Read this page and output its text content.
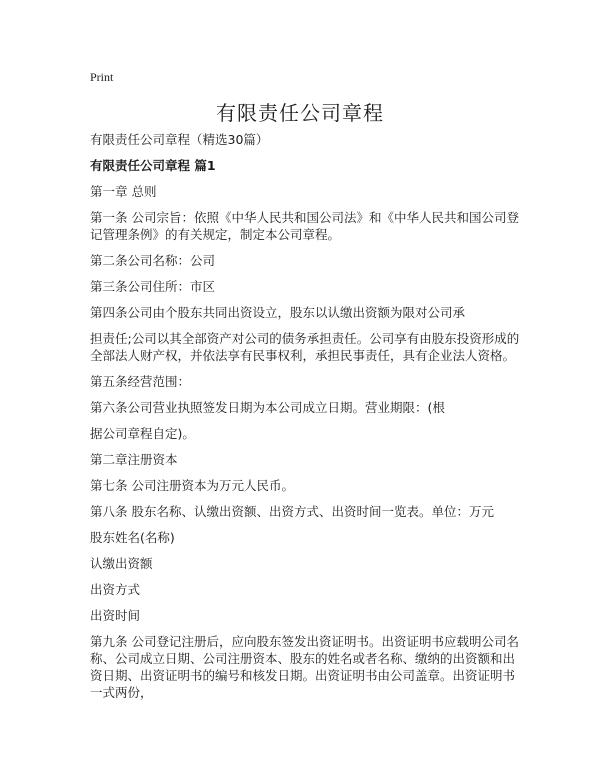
Print
有限责任公司章程

有限责任公司章程（精选30篇）

有限责任公司章程 篇1

第一章 总则

第一条 公司宗旨：依照《中华人民共和国公司法》和《中华人民共和国公司登记管理条例》的有关规定，制定本公司章程。

第二条公司名称：公司

第三条公司住所：市区

第四条公司由个股东共同出资设立，股东以认缴出资额为限对公司承

担责任;公司以其全部资产对公司的债务承担责任。公司享有由股东投资形成的全部法人财产权，并依法享有民事权利，承担民事责任，具有企业法人资格。

第五条经营范围：

第六条公司营业执照签发日期为本公司成立日期。营业期限：(根

据公司章程自定)。

第二章注册资本

第七条 公司注册资本为万元人民币。

第八条 股东名称、认缴出资额、出资方式、出资时间一览表。单位：万元

股东姓名(名称)

认缴出资额

出资方式

出资时间

第九条 公司登记注册后，应向股东签发出资证明书。出资证明书应载明公司名称、公司成立日期、公司注册资本、股东的姓名或者名称、缴纳的出资额和出资日期、出资证明书的编号和核发日期。出资证明书由公司盖章。出资证明书一式两份，
